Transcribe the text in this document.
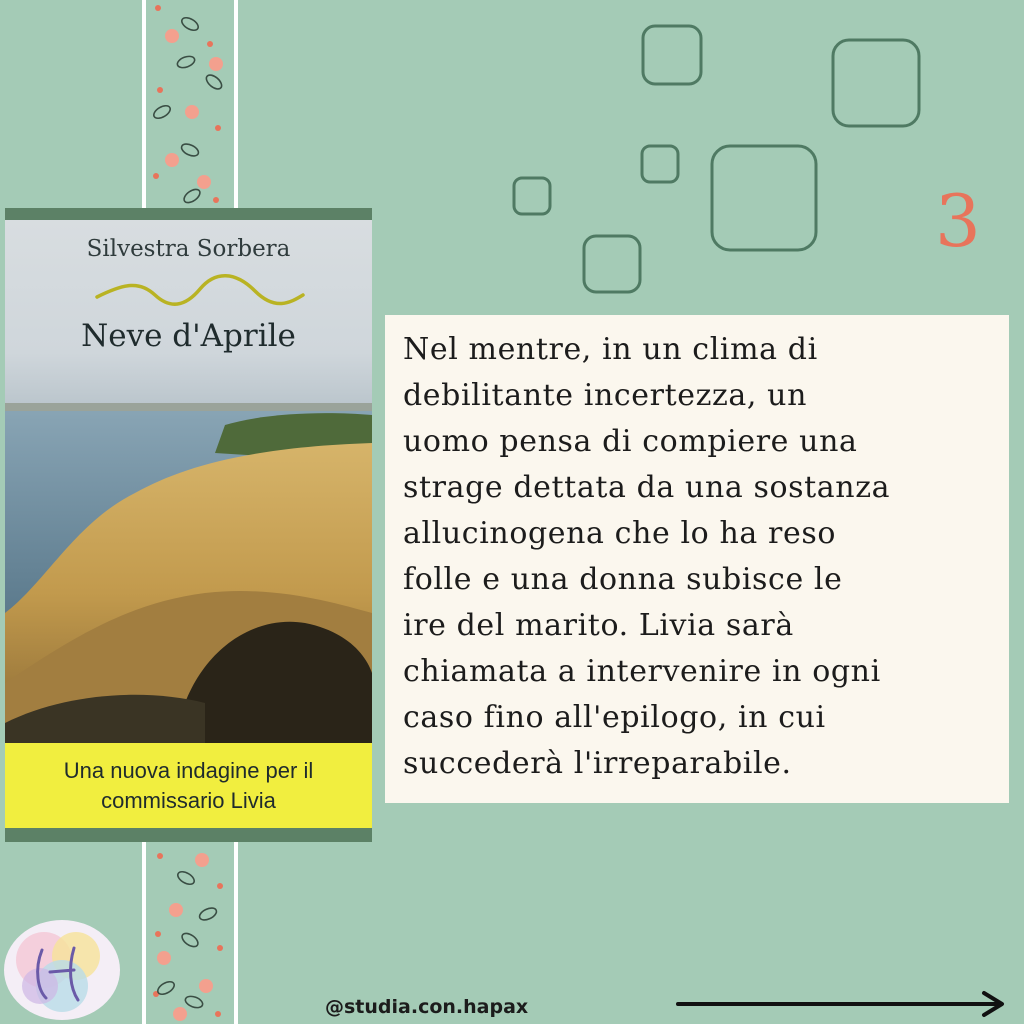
Silvestra Sorbera
Neve d'Aprile
Una nuova indagine per il
commissario Livia
3
Nel mentre, in un clima di
debilitante incertezza, un
uomo pensa di compiere una
strage dettata da una sostanza
allucinogena che lo ha reso
folle e una donna subisce le
ire del marito. Livia sarà
chiamata a intervenire in ogni
caso fino all'epilogo, in cui
succederà l'irreparabile.
@studia.con.hapax
